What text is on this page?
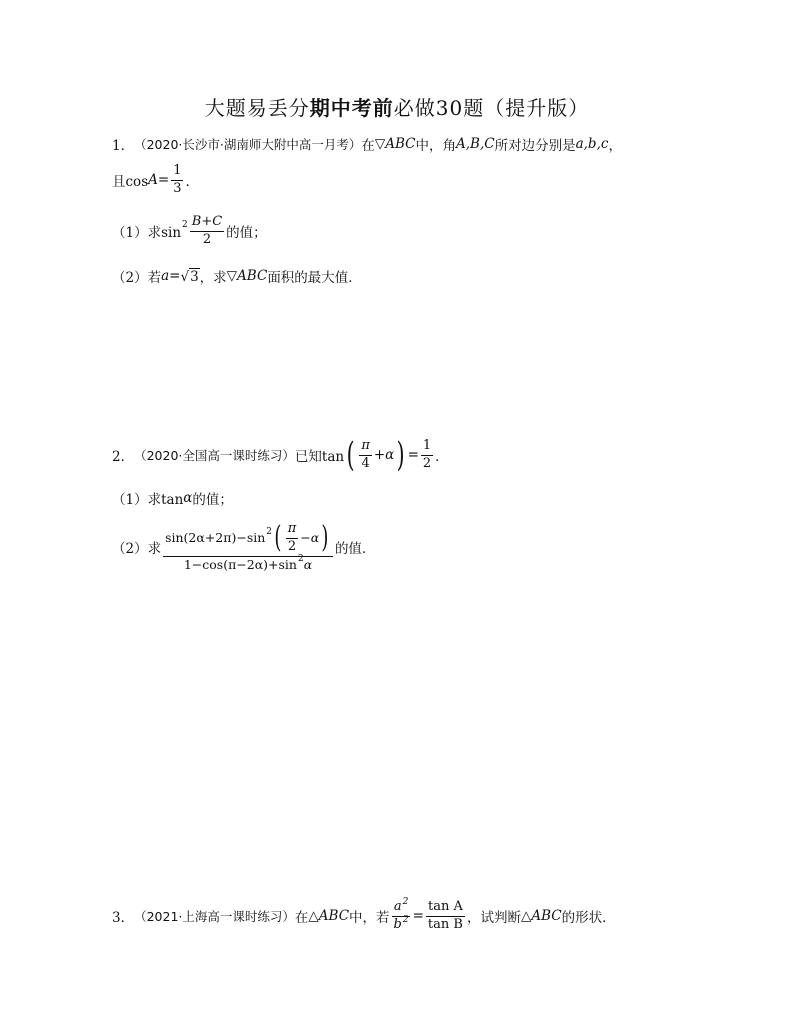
大题易丢分期中考前必做30题（提升版）
1． （2020·长沙市·湖南师大附中高一月考） 在 ▽ABC 中，角 A,B,C 所对边分别是 a,b,c ，
且$\cos A = \frac{1}{3}$ ．
（1）求$\sin 2 \frac{B+C}{2}$ 的值；
（2）若 a = √ 3 ，求 ▽ABC 面积的最大值．
2． （2020·全国高一课时练习） 已知tan ( $\frac{\pi}{4} +\alpha$ ) = $\frac{1}{2}$ ．
（1）求tan α 的值；
（2）求
sin(2α+2π)−sin 2 ( $\frac{\pi}{2} -\alpha$ )
1−cos(π−2α)+sin 2 α
的值．
3． （2021·上海高一课时练习） 在 △ABC 中，若 $\frac{a^2}{b^2} = \frac{\text{tan A}}{\text{tan B}}$ ，试判断 △ABC 的形状．
